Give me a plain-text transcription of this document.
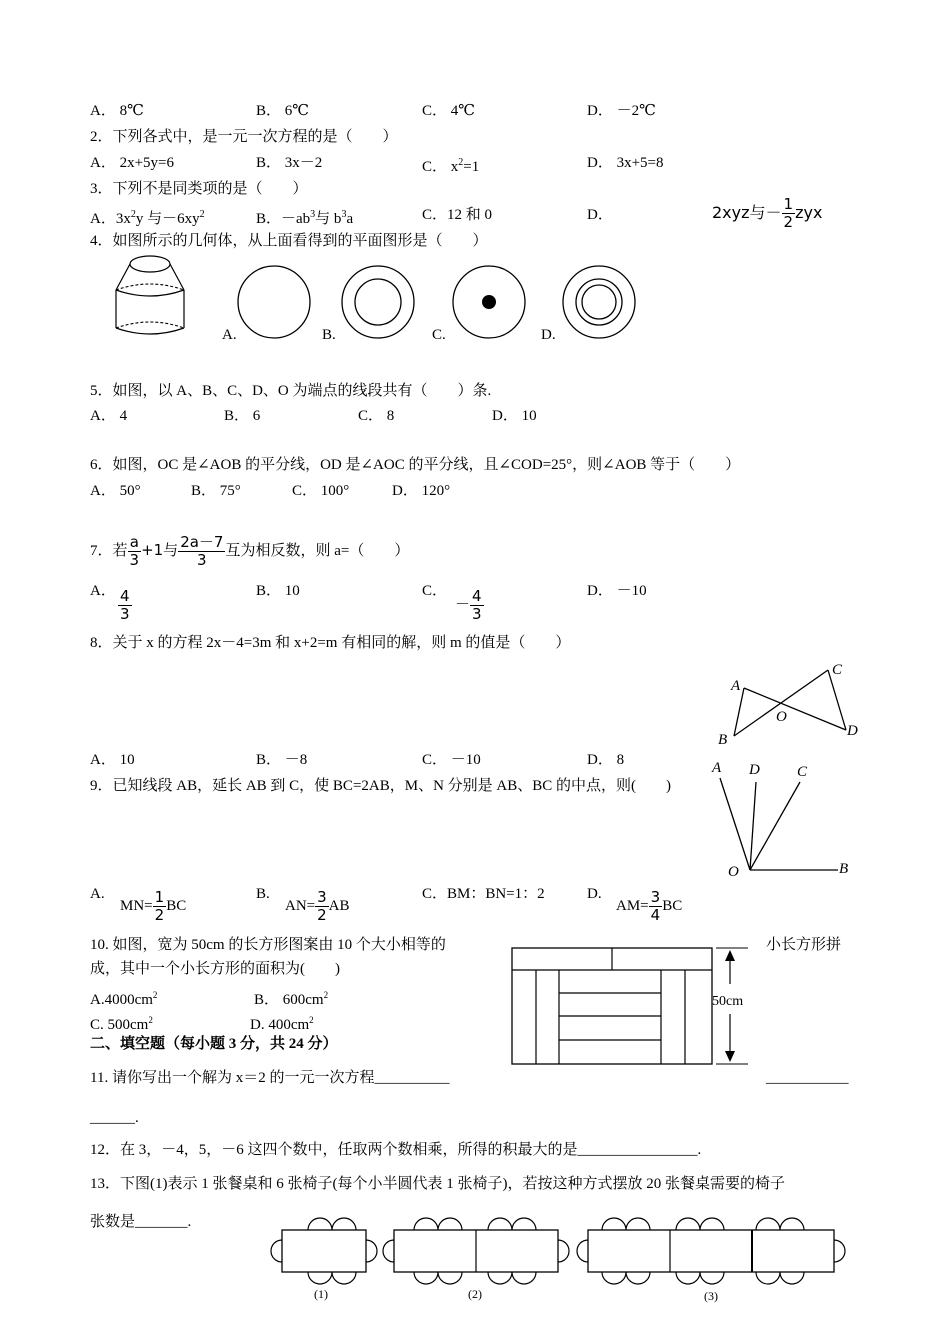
A． 8℃	B． 6℃	C． 4℃	D． －2℃
2．下列各式中，是一元一次方程的是（　　）
A． 2x+5y=6	B． 3x－2	C． $x^2=1$	D． 3x+5=8
3．下列不是同类项的是（　　）
A．$3x^2y$ 与$-6xy^2$	B．$-ab^3$与 $b^3a$	C．12 和 0	D．	2xyz与－ $\frac{1}{2}$ zyx
4．如图所示的几何体，从上面看得到的平面图形是（　　）
A.	B.	C.	D.
5．如图，以 A、B、C、D、O 为端点的线段共有（　　）条.
A． 4	B． 6	C． 8	D． 10
6．如图，OC 是∠AOB 的平分线，OD 是∠AOC 的平分线，且∠COD=25°，则∠AOB 等于（　　）
A． 50°	B． 75°	C． 100°	D． 120°
7．若 $\frac{a}{3} +1$与 $\frac{2a-7}{3}$ 互为相反数，则 a=（　　）
A． $\frac{4}{3}$	B． 10	C．
－ $\frac{4}{3}$	D． －10
8．关于 x 的方程 2x－4=3m 和 x+2=m 有相同的解，则 m 的值是（　　）
A． 10	B． －8	C． －10	D． 8
A
B
C
D
O
9．已知线段 AB，延长 AB 到 C，使 BC=2AB，M、N 分别是 AB、BC 的中点，则(　　)
A D C
O	B
A.
$MN= \frac{1}{2}$ BC
B.
$AN= \frac{3}{2}$ AB
C．BM：BN=1：2	D.
$AM= \frac{3}{4}$ BC
10. 如图，宽为 50cm 的长方形图案由 10 个大小相等的	小长方形拼
成，其中一个小长方形的面积为(　　)
$A.4000cm^2$	B． $600cm^2$
C. $500cm^2$	D. $400cm^2$
50cm
二、填空题（每小题 3 分，共 24 分）
11. 请你写出一个解为 x＝2 的一元一次方程__________	___________
______.
12．在 3，－4，5，－6 这四个数中，任取两个数相乘，所得的积最大的是________________.
13．下图(1)表示 1 张餐桌和 6 张椅子(每个小半圆代表 1 张椅子)，若按这种方式摆放 20 张餐桌需要的椅子
张数是_______.
(1)	(2)	(3)
